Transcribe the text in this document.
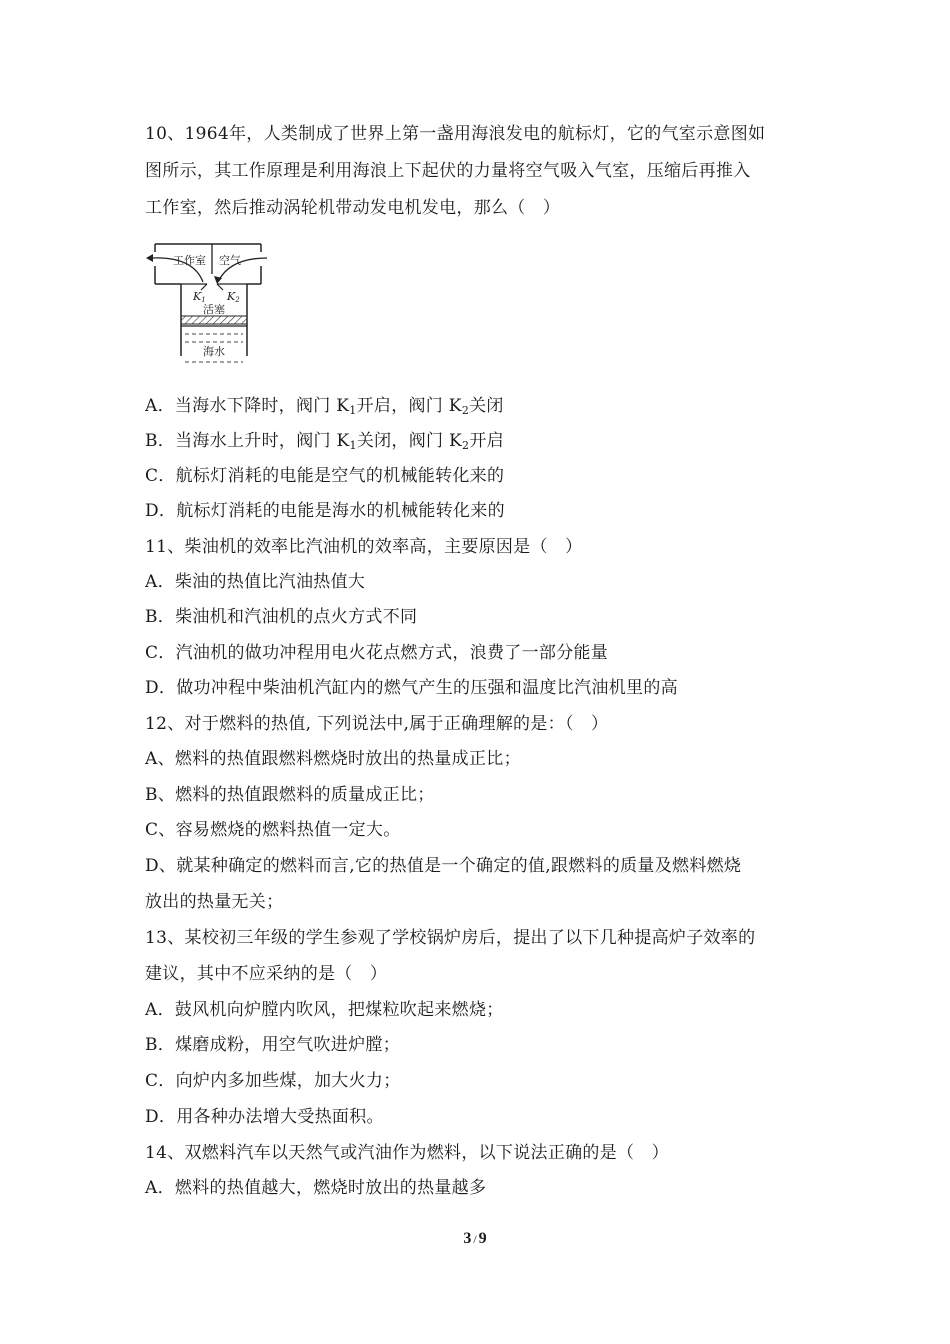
10、1964年，人类制成了世界上第一盏用海浪发电的航标灯，它的气室示意图如
图所示，其工作原理是利用海浪上下起伏的力量将空气吸入气室，压缩后再推入
工作室，然后推动涡轮机带动发电机发电，那么（　）
工作室 空气
K1 K2
活塞
海水
A．当海水下降时，阀门 $K_1$开启，阀门 $K_2$关闭
B．当海水上升时，阀门 $K_1$关闭，阀门 $K_2$开启
C．航标灯消耗的电能是空气的机械能转化来的
D．航标灯消耗的电能是海水的机械能转化来的
11、柴油机的效率比汽油机的效率高，主要原因是（　）
A．柴油的热值比汽油热值大
B．柴油机和汽油机的点火方式不同
C．汽油机的做功冲程用电火花点燃方式，浪费了一部分能量
D．做功冲程中柴油机汽缸内的燃气产生的压强和温度比汽油机里的高
12、对于燃料的热值, 下列说法中,属于正确理解的是：（　）
A、燃料的热值跟燃料燃烧时放出的热量成正比；
B、燃料的热值跟燃料的质量成正比；
C、容易燃烧的燃料热值一定大。
D、就某种确定的燃料而言,它的热值是一个确定的值,跟燃料的质量及燃料燃烧
放出的热量无关；
13、某校初三年级的学生参观了学校锅炉房后，提出了以下几种提高炉子效率的
建议，其中不应采纳的是（　）
A．鼓风机向炉膛内吹风，把煤粒吹起来燃烧；
B．煤磨成粉，用空气吹进炉膛；
C．向炉内多加些煤，加大火力；
D．用各种办法增大受热面积。
14、双燃料汽车以天然气或汽油作为燃料，以下说法正确的是（　）
A．燃料的热值越大，燃烧时放出的热量越多
3 / 9
